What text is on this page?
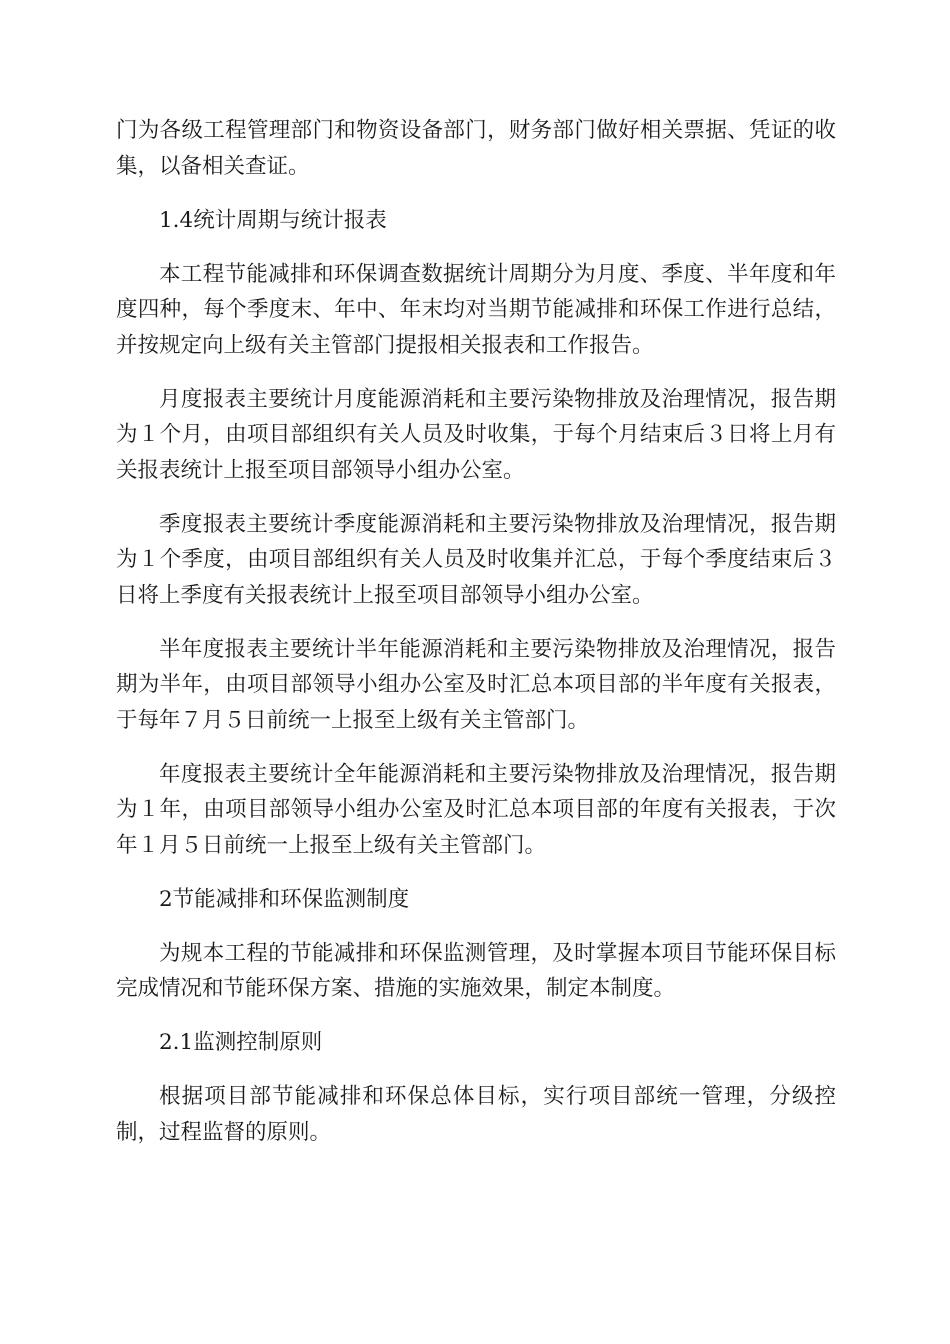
门为各级工程管理部门和物资设备部门，财务部门做好相关票据、凭证的收集，以备相关查证。

1.4统计周期与统计报表

本工程节能减排和环保调查数据统计周期分为月度、季度、半年度和年度四种，每个季度末、年中、年末均对当期节能减排和环保工作进行总结，并按规定向上级有关主管部门提报相关报表和工作报告。

月度报表主要统计月度能源消耗和主要污染物排放及治理情况，报告期为１个月，由项目部组织有关人员及时收集，于每个月结束后３日将上月有关报表统计上报至项目部领导小组办公室。

季度报表主要统计季度能源消耗和主要污染物排放及治理情况，报告期为１个季度，由项目部组织有关人员及时收集并汇总，于每个季度结束后３日将上季度有关报表统计上报至项目部领导小组办公室。

半年度报表主要统计半年能源消耗和主要污染物排放及治理情况，报告期为半年，由项目部领导小组办公室及时汇总本项目部的半年度有关报表，于每年７月５日前统一上报至上级有关主管部门。

年度报表主要统计全年能源消耗和主要污染物排放及治理情况，报告期为１年，由项目部领导小组办公室及时汇总本项目部的年度有关报表，于次年１月５日前统一上报至上级有关主管部门。

2节能减排和环保监测制度

为规本工程的节能减排和环保监测管理，及时掌握本项目节能环保目标完成情况和节能环保方案、措施的实施效果，制定本制度。

2.1监测控制原则

根据项目部节能减排和环保总体目标，实行项目部统一管理，分级控制，过程监督的原则。
